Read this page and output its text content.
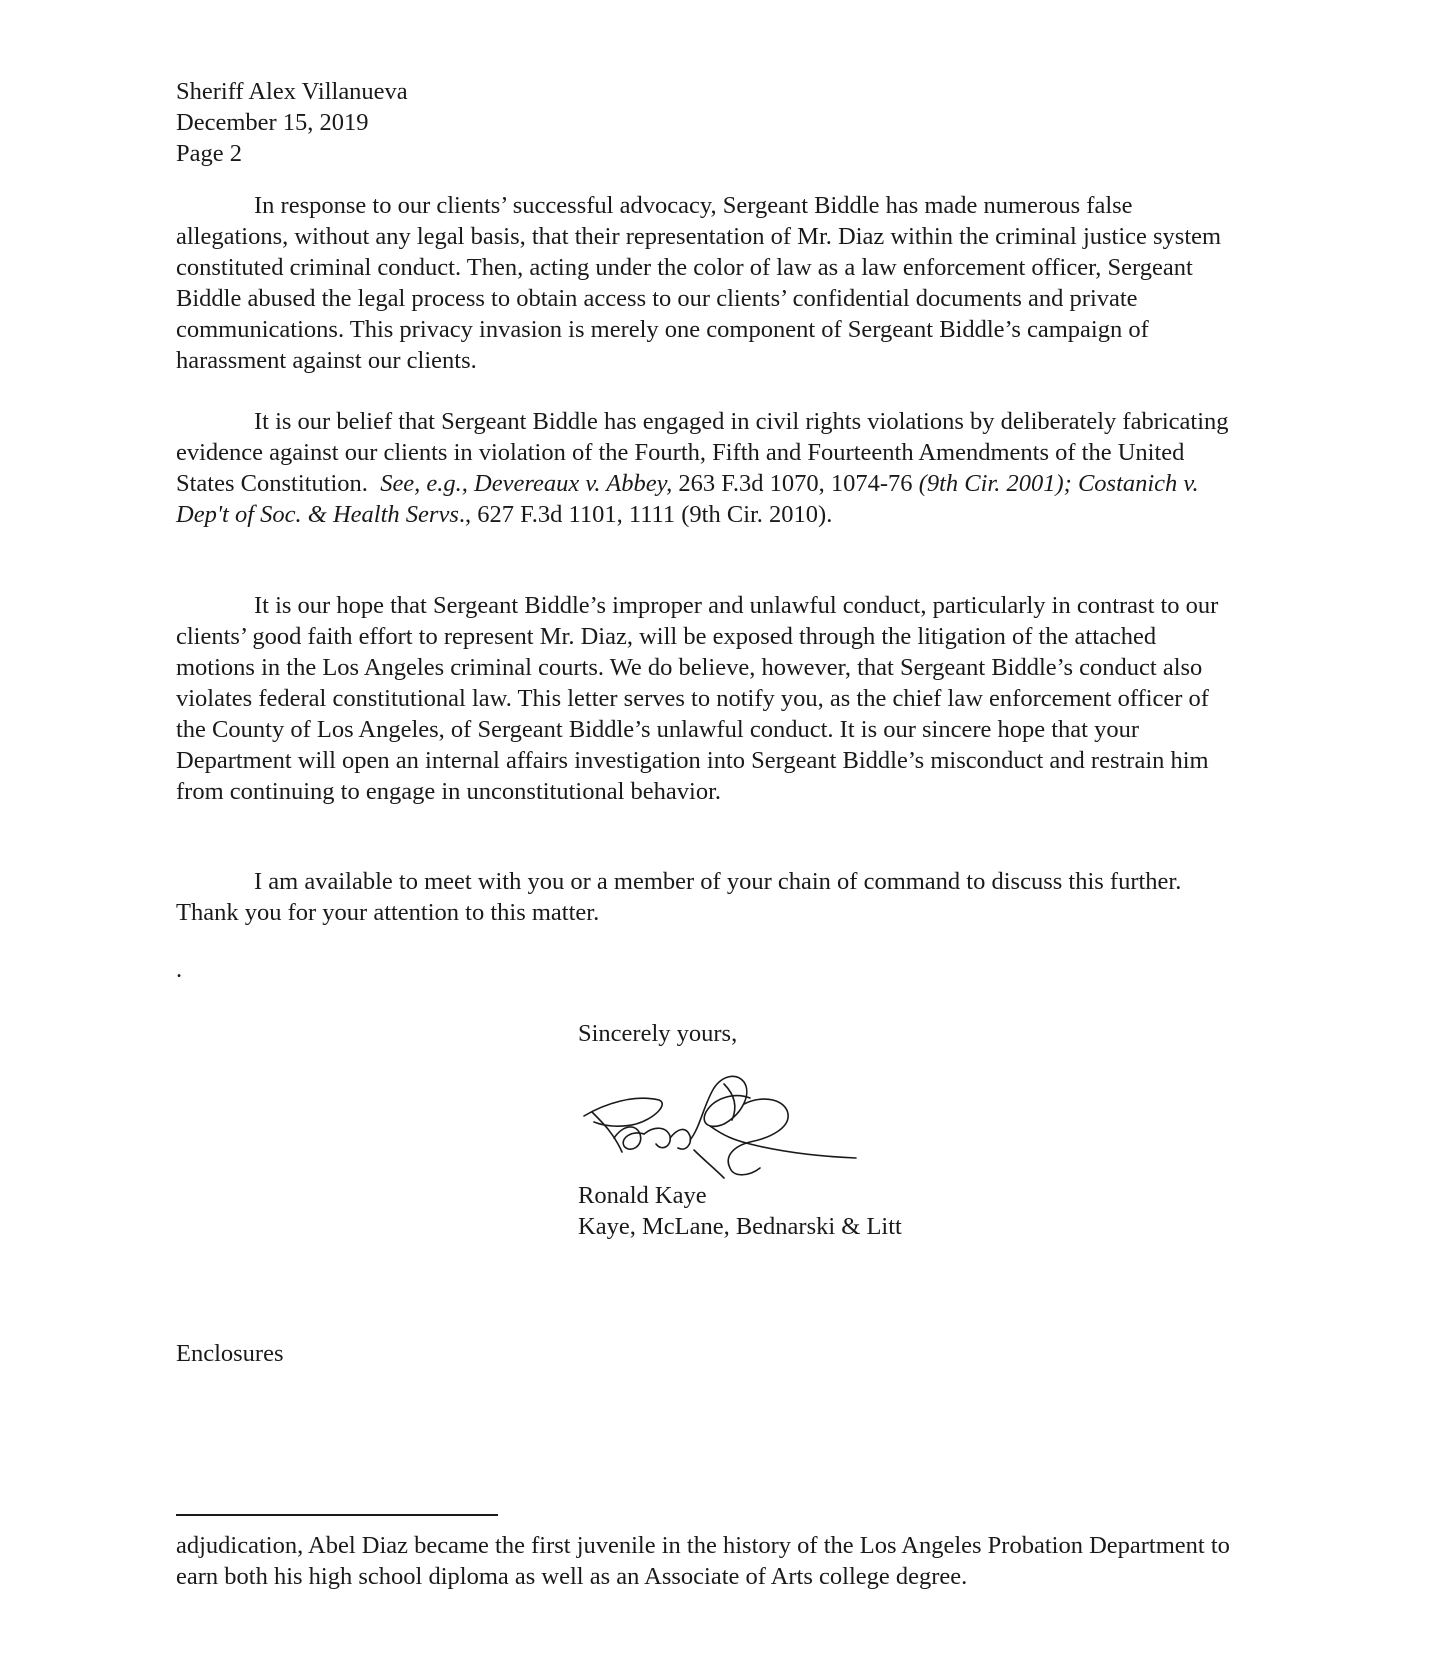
Sheriff Alex Villanueva
December 15, 2019
Page 2

In response to our clients’ successful advocacy, Sergeant Biddle has made numerous false allegations, without any legal basis, that their representation of Mr. Diaz within the criminal justice system constituted criminal conduct. Then, acting under the color of law as a law enforcement officer, Sergeant Biddle abused the legal process to obtain access to our clients’ confidential documents and private communications. This privacy invasion is merely one component of Sergeant Biddle’s campaign of harassment against our clients.

It is our belief that Sergeant Biddle has engaged in civil rights violations by deliberately fabricating evidence against our clients in violation of the Fourth, Fifth and Fourteenth Amendments of the United States Constitution. See, e.g., Devereaux v. Abbey, 263 F.3d 1070, 1074-76 (9th Cir. 2001); Costanich v. Dep't of Soc. & Health Servs., 627 F.3d 1101, 1111 (9th Cir. 2010).

It is our hope that Sergeant Biddle’s improper and unlawful conduct, particularly in contrast to our clients’ good faith effort to represent Mr. Diaz, will be exposed through the litigation of the attached motions in the Los Angeles criminal courts. We do believe, however, that Sergeant Biddle’s conduct also violates federal constitutional law. This letter serves to notify you, as the chief law enforcement officer of the County of Los Angeles, of Sergeant Biddle’s unlawful conduct. It is our sincere hope that your Department will open an internal affairs investigation into Sergeant Biddle’s misconduct and restrain him from continuing to engage in unconstitutional behavior.

I am available to meet with you or a member of your chain of command to discuss this further. Thank you for your attention to this matter.

.
Sincerely yours,
Ronald Kaye
Kaye, McLane, Bednarski & Litt
Enclosures

adjudication, Abel Diaz became the first juvenile in the history of the Los Angeles Probation Department to earn both his high school diploma as well as an Associate of Arts college degree.
